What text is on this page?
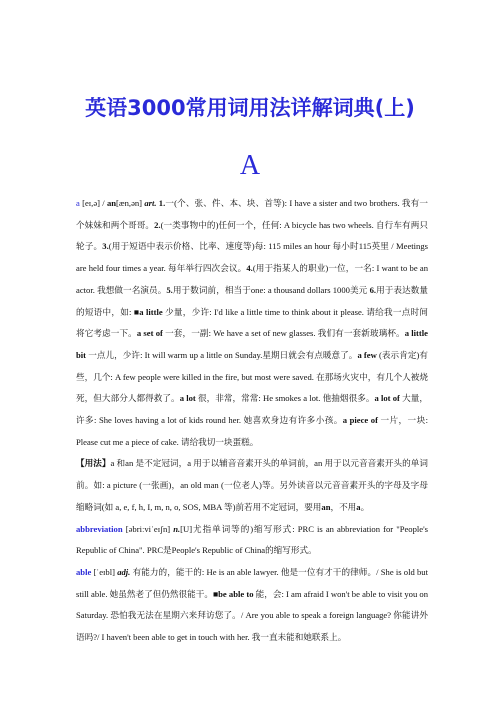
英语3000常用词用法详解词典(上)
A

a [eɪ,ə] / an[æn,ən] art. 1.一(个、张、件、本、块、首等): I have a sister and two brothers. 我有一个妹妹和两个哥哥。2.(一类事物中的)任何一个，任何: A bicycle has two wheels. 自行车有两只轮子。3.(用于短语中表示价格、比率、速度等)每: 115 miles an hour 每小时115英里 / Meetings are held four times a year. 每年举行四次会议。4.(用于指某人的职业)一位，一名: I want to be an actor. 我想做一名演员。5.用于数词前，相当于one: a thousand dollars 1000美元 6.用于表达数量的短语中，如: ■a little 少量，少许: I'd like a little time to think about it please. 请给我一点时间将它考虑一下。a set of 一套，一副: We have a set of new glasses. 我们有一套新玻璃杯。a little bit 一点儿，少许: It will warm up a little on Sunday.星期日就会有点暖意了。a few (表示肯定)有些，几个: A few people were killed in the fire, but most were saved. 在那场火灾中，有几个人被烧死，但大部分人都得救了。a lot 很，非常，常常: He smokes a lot. 他抽烟很多。a lot of 大量，许多: She loves having a lot of kids round her. 她喜欢身边有许多小孩。a piece of 一片，一块: Please cut me a piece of cake. 请给我切一块蛋糕。

【用法】a 和an 是不定冠词，a 用于以辅音音素开头的单词前，an 用于以元音音素开头的单词前。如: a picture (一张画)，an old man (一位老人)等。另外读音以元音音素开头的字母及字母缩略词(如 a, e, f, h, I, m, n, o, SOS, MBA 等)前若用不定冠词，要用an，不用a。

abbreviation [əbriːviˈeɪʃn] n.[U]尤指单词等的)缩写形式: PRC is an abbreviation for "People's Republic of China". PRC是People's Republic of China的缩写形式。

able [ˈeɪbl] adj. 有能力的，能干的: He is an able lawyer. 他是一位有才干的律师。/ She is old but still able. 她虽然老了但仍然很能干。■be able to 能，会: I am afraid I won't be able to visit you on Saturday. 恐怕我无法在星期六来拜访您了。/ Are you able to speak a foreign language? 你能讲外语吗?/ I haven't been able to get in touch with her. 我一直未能和她联系上。
